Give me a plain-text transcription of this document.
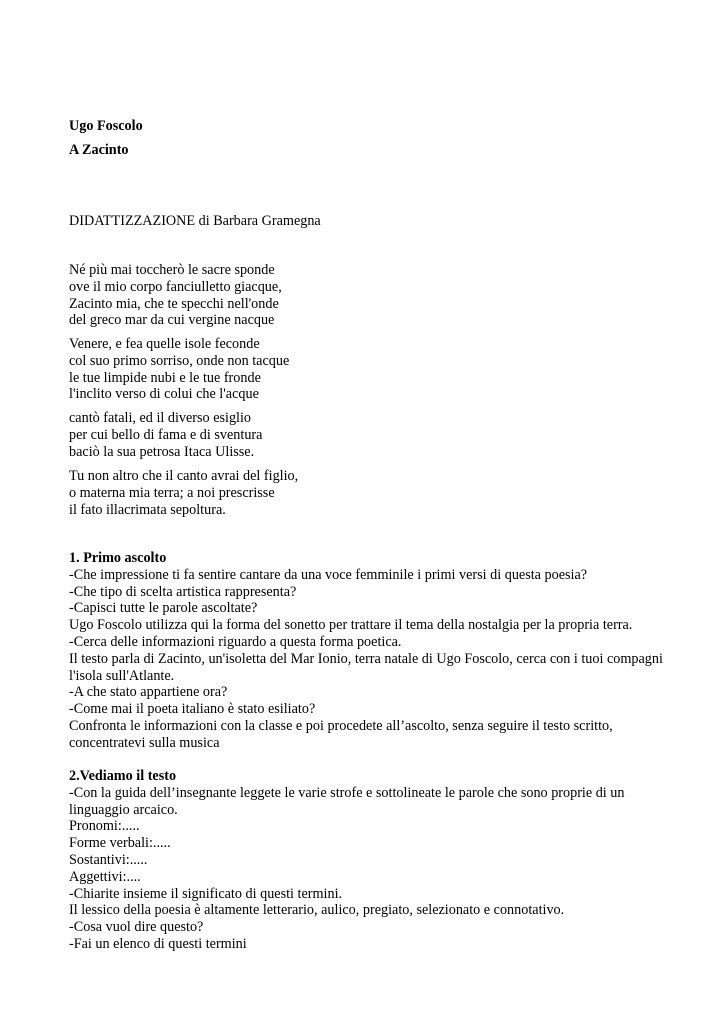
Ugo Foscolo
A Zacinto
DIDATTIZZAZIONE di Barbara Gramegna
Né più mai toccherò le sacre sponde
ove il mio corpo fanciulletto giacque,
Zacinto mia, che te specchi nell'onde
del greco mar da cui vergine nacque
Venere, e fea quelle isole feconde
col suo primo sorriso, onde non tacque
le tue limpide nubi e le tue fronde
l'inclito verso di colui che l'acque
cantò fatali, ed il diverso esiglio
per cui bello di fama e di sventura
baciò la sua petrosa Itaca Ulisse.
Tu non altro che il canto avrai del figlio,
o materna mia terra; a noi prescrisse
il fato illacrimata sepoltura.
1. Primo ascolto
-Che impressione ti fa sentire cantare da una voce femminile i primi versi di questa poesia?
-Che tipo di scelta artistica rappresenta?
-Capisci tutte le parole ascoltate?
Ugo Foscolo utilizza qui la forma del sonetto per trattare il tema della nostalgia per la propria terra.
-Cerca delle informazioni riguardo a questa forma poetica.
Il testo parla di Zacinto, un'isoletta del Mar Ionio, terra natale di Ugo Foscolo, cerca con i tuoi compagni l'isola sull'Atlante.
-A che stato appartiene ora?
-Come mai il poeta italiano è stato esiliato?
Confronta le informazioni con la classe e poi procedete all’ascolto, senza seguire il testo scritto, concentratevi sulla musica
2.Vediamo il testo
-Con la guida dell’insegnante leggete le varie strofe e sottolineate le parole che sono proprie di un linguaggio arcaico.
Pronomi:.....
Forme verbali:.....
Sostantivi:.....
Aggettivi:....
-Chiarite insieme il significato di questi termini.
Il lessico della poesia è altamente letterario, aulico, pregiato, selezionato e connotativo.
-Cosa vuol dire questo?
-Fai un elenco di questi termini
